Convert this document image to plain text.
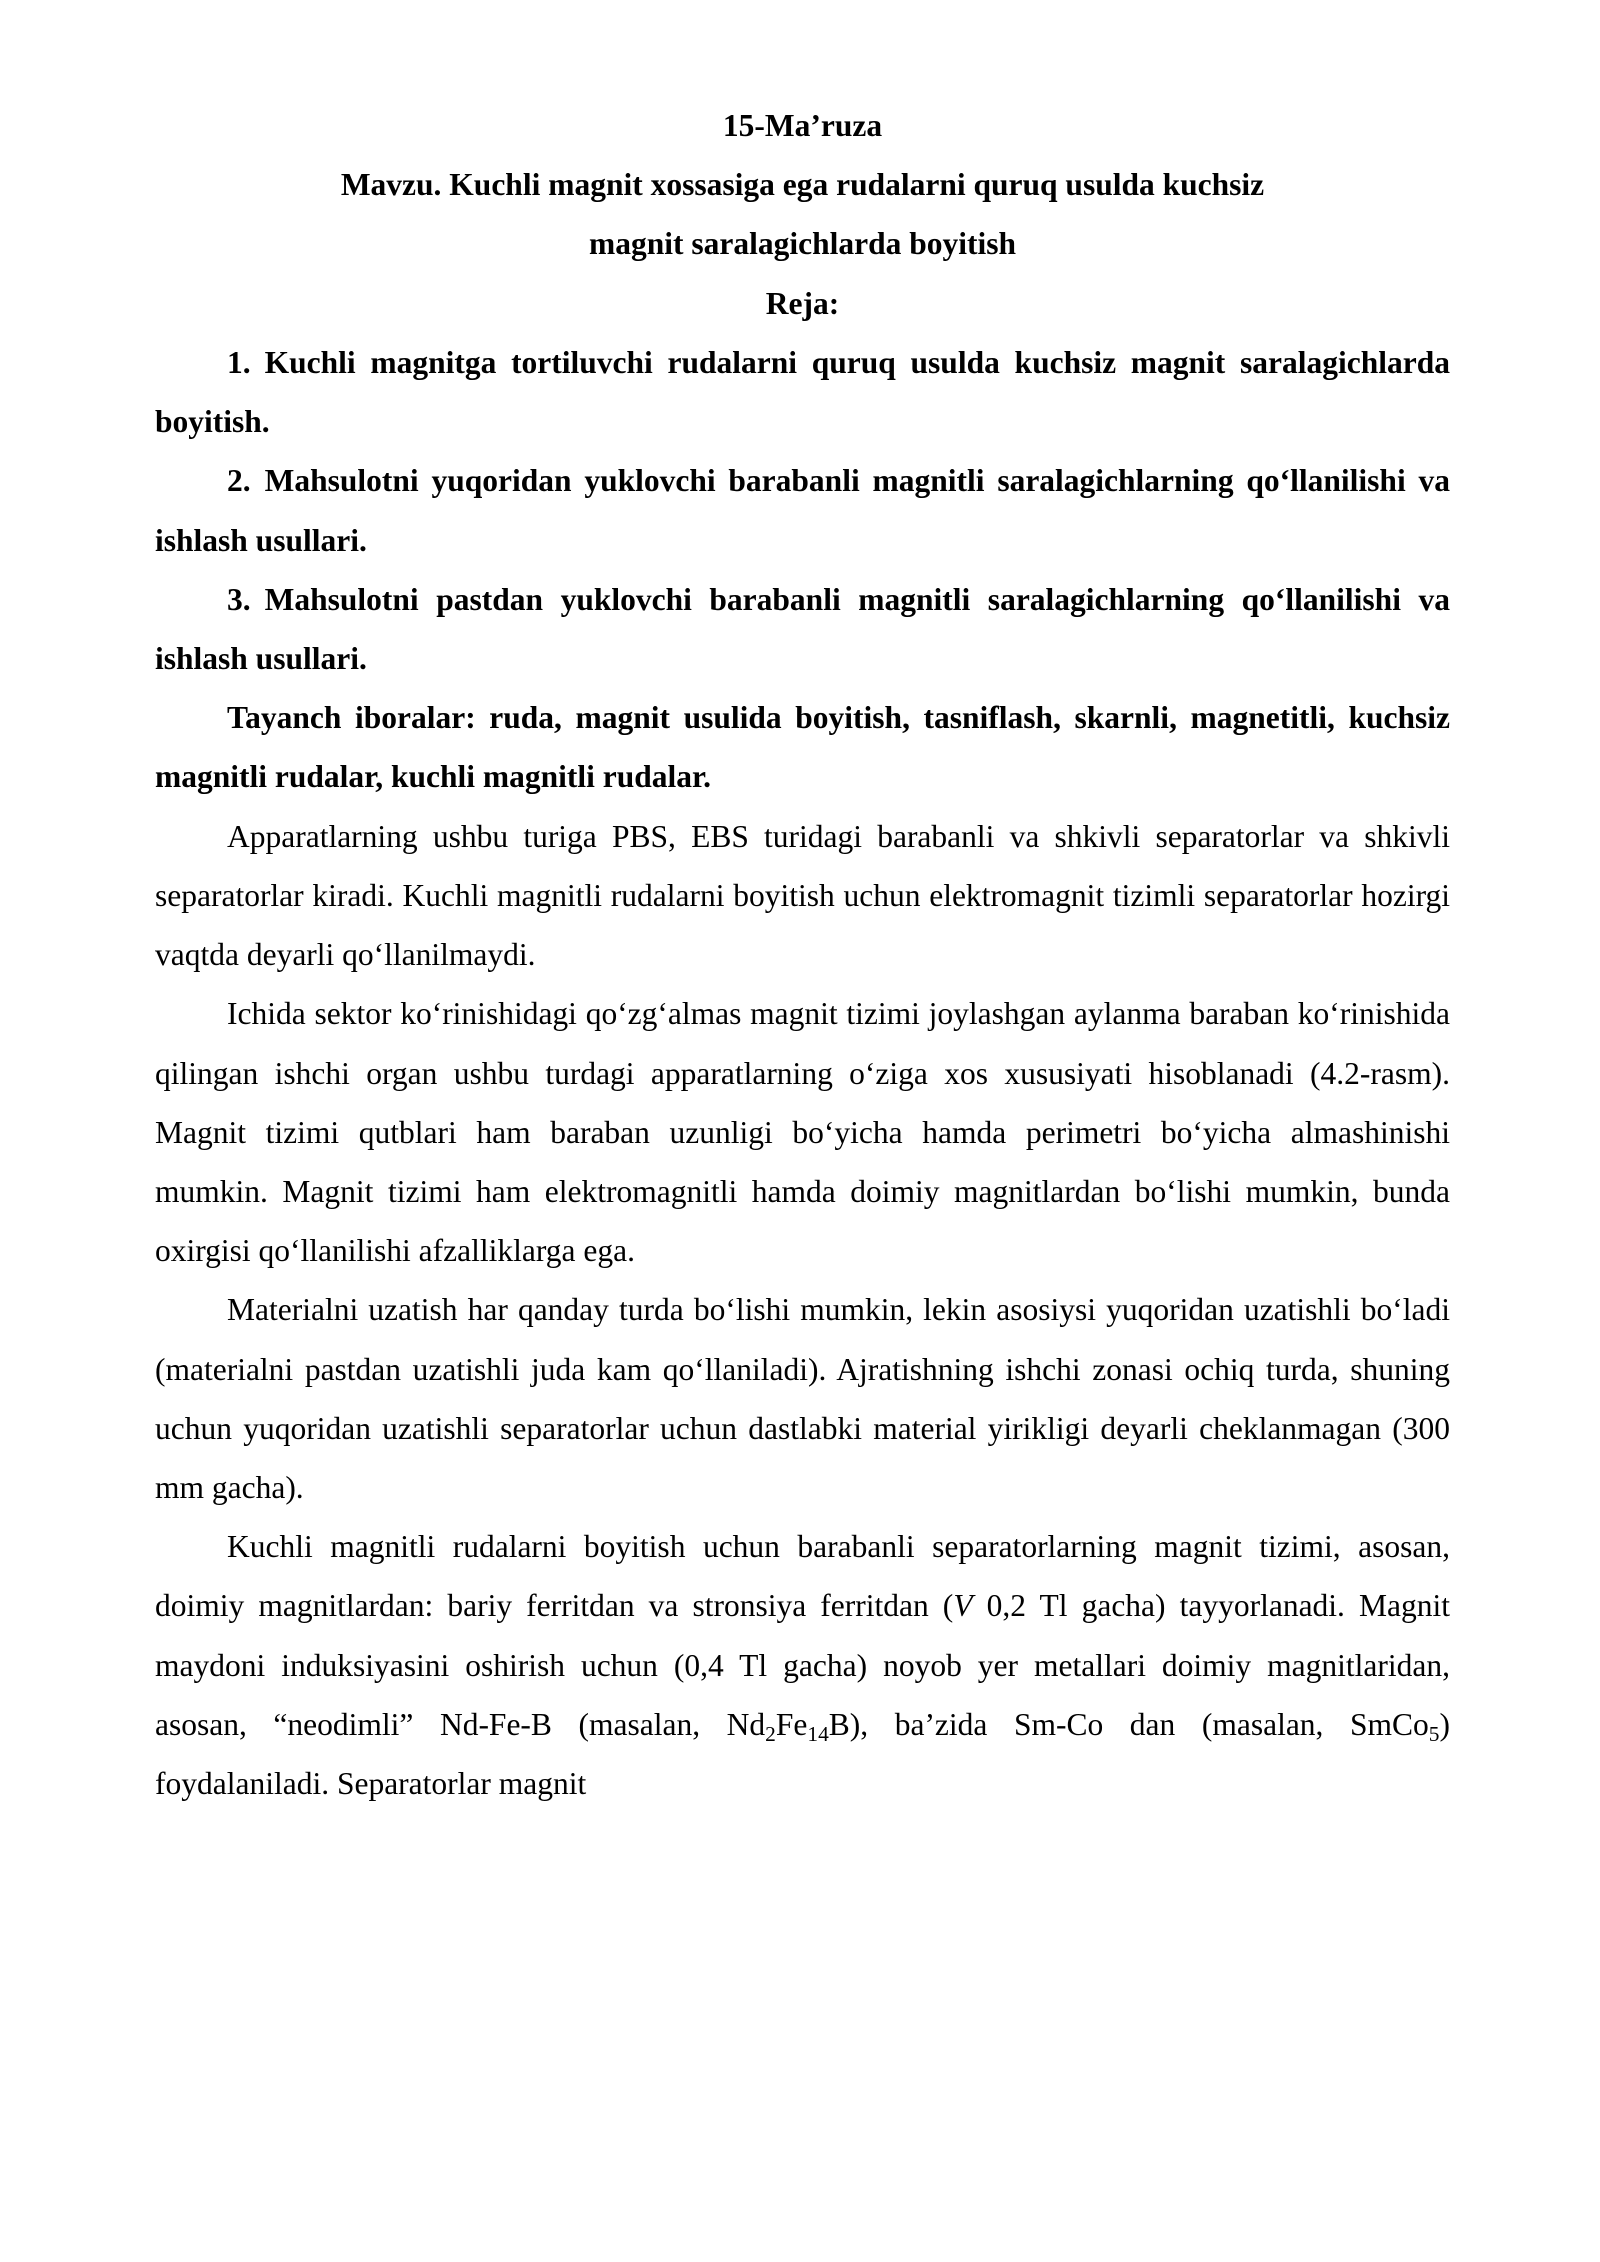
15-Ma’ruza

Mavzu. Kuchli magnit xossasiga ega rudalarni quruq usulda kuchsiz
magnit saralagichlarda boyitish

Reja:

1. Kuchli magnitga tortiluvchi rudalarni quruq usulda kuchsiz magnit saralagichlarda boyitish.

2. Mahsulotni yuqoridan yuklovchi barabanli magnitli saralagichlarning qo‘llanilishi va ishlash usullari.

3. Mahsulotni pastdan yuklovchi barabanli magnitli saralagichlarning qo‘llanilishi va ishlash usullari.

Tayanch iboralar: ruda, magnit usulida boyitish, tasniflash, skarnli, magnetitli, kuchsiz magnitli rudalar, kuchli magnitli rudalar.

Apparatlarning ushbu turiga PBS, EBS turidagi barabanli va shkivli separatorlar va shkivli separatorlar kiradi. Kuchli magnitli rudalarni boyitish uchun elektromagnit tizimli separatorlar hozirgi vaqtda deyarli qo‘llanilmaydi.

Ichida sektor ko‘rinishidagi qo‘zg‘almas magnit tizimi joylashgan aylanma baraban ko‘rinishida qilingan ishchi organ ushbu turdagi apparatlarning o‘ziga xos xususiyati hisoblanadi (4.2-rasm). Magnit tizimi qutblari ham baraban uzunligi bo‘yicha hamda perimetri bo‘yicha almashinishi mumkin. Magnit tizimi ham elektromagnitli hamda doimiy magnitlardan bo‘lishi mumkin, bunda oxirgisi qo‘llanilishi afzalliklarga ega.

Materialni uzatish har qanday turda bo‘lishi mumkin, lekin asosiysi yuqoridan uzatishli bo‘ladi (materialni pastdan uzatishli juda kam qo‘llaniladi). Ajratishning ishchi zonasi ochiq turda, shuning uchun yuqoridan uzatishli separatorlar uchun dastlabki material yirikligi deyarli cheklanmagan (300 mm gacha).

Kuchli magnitli rudalarni boyitish uchun barabanli separatorlarning magnit tizimi, asosan, doimiy magnitlardan: bariy ferritdan va stronsiya ferritdan (V 0,2 Tl gacha) tayyorlanadi. Magnit maydoni induksiyasini oshirish uchun (0,4 Tl gacha) noyob yer metallari doimiy magnitlaridan, asosan, “neodimli” Nd-Fe-B (masalan, $Nd_2Fe_{14}B$), ba’zida Sm-Co dan (masalan, SmCo$_5$) foydalaniladi. Separatorlar magnit
